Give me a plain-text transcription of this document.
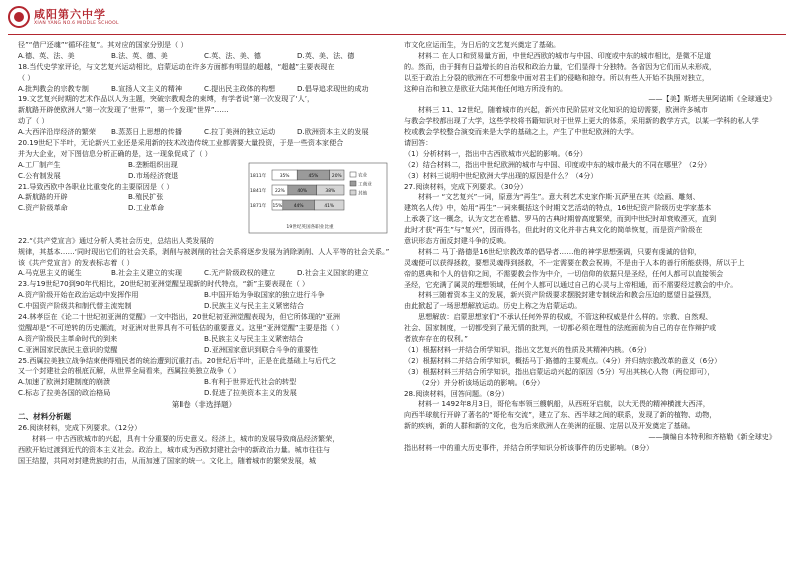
咸阳第六中学
XIAN YANG NO.6 MIDDLE SCHOOL
径”“借尸还魂”“循环往复”。其对应的国家分别是（ ）
A.德、英、法、美	B.法、英、德、美	C.英、法、美、德	D.英、美、法、德
18.当代史学家评论，与文艺复兴运动相比，启蒙运动在许多方面都有明显的超越，“超越”主要表现在
（ ）
A.批判教会的宗教专制	B.宣扬人文主义的精神	C.提出民主政体的构想	D.倡导追求现世的成功
19.文艺复兴时期的艺术作品以人为主题，突破宗教观念的束缚，有学者说“第一次发现了‘人’，
新航路开辟使欧洲人“第一次发现了‘世界’”，第一个发现“世界”……
动了（ ）
A.大西洋沿岸经济的繁荣	B.蒸蒸日上思想的传播	C.拉丁美洲的独立运动	D.欧洲资本主义的发展
20.19世纪下半叶，无论新兴工业还是采用新的技术改造传统工业都需要大量投资，于是一些资本家便合
并为大企业，对下图信息分析正确的是，这一现象促成了（ ）
A.工厂制产生	B.垄断组织出现
C.公有制发展	D.市场经济衰退
21.导致西欧中各职业比重变化的主要原因是（ ）
A.新航路的开辟	B.殖民扩张
C.资产阶级革命	D.工业革命
1811年	35%	45%	20%
1841年 22%	40%	38%
1871年 15%	44%	41%
农业
工商业
其他
19世纪英国各职业比重
22.“《共产党宣言》通过分析人类社会历史，总结出人类发展的
规律，其基本……‘同时现出它们的社会关系，剥削与被剥削的社会关系将逐步发展为消除剥削、人人平等的社会关系。”
该《共产党宣言》的发表标志着（ ）
A.马克思主义的诞生	B.社会主义建立的实现	C.无产阶级政权的建立	D.社会主义国家的建立
23.与19世纪70到90年代相比，20世纪初亚洲觉醒呈现新的时代特点，“新”主要表现在（ ）
A.资产阶级开始在政治运动中发挥作用	B.中国开始为争取国家的独立进行斗争
C.中国资产阶级共和制代替主流宪制	D.民族主义与民主主义紧密结合
24.林孝臣在《论二十世纪初亚洲的觉醒》一文中指出，20世纪初亚洲觉醒表现为，但它所体现的“亚洲
觉醒却是“不可逆转的历史潮流，对亚洲对世界具有不可低估的重要意义。这里“亚洲觉醒”主要是指（ ）
A.资产阶级民主革命时代的到来	B.民族主义与民主主义紧密结合
C.亚洲国家民族民主意识的觉醒	D.亚洲国家意识到联合斗争的重要性
25.西属拉美独立战争结束使得殖民者的统治遭到沉重打击。20世纪后半叶，正是在此基础上与后代之
又一个封建社会的根底瓦解，从世界全局看来，西属拉美独立战争（ ）
A.加速了欧洲封建制度的崩溃	B.有利于世界近代社会的转型
C.标志了拉美各国的政治格局	D.促进了拉美资本主义的发展
第Ⅱ卷（非选择题）
二、材料分析题
26.阅读材料，完成下列要求。（12分）
材料一 中古西欧城市的兴起，具有十分重要的历史意义。经济上，城市的发展导致商品经济繁荣，
西欧开始过渡到近代的资本主义社会。政治上，城市成为西欧封建社会中的新政治力量。城市往往与
国王结盟，共同对封建贵族的打击，从而加速了国家的统一。文化上，随着城市的繁荣发展，城
市文化应运而生，为日后的文艺复兴奠定了基础。
材料二 在人口和贸易量方面，中世纪西欧的城市与中国、印度或中东的城市相比，是微不足道
的。然而，由于拥有日益增长的自治权和政治力量，它们显得十分独特。各省因为它们而从未形成，
以至于政治上分裂的欧洲在不可想象中面对君主们的侵略和掠夺。所以有些人开始不执照对独立，
这种自治和独立是欧亚大陆其他任何地方所没有的。
——【美】斯塔夫里阿诺斯《全球通史》
材料三 11、12世纪，随着城市的兴起，新兴市民阶层对文化知识的迫切需要，欧洲许多城市
与教会学校都出现了大学，这些学校将书籍知识对于世界上更大的体系，采用新的教学方式，以某一学科的私人学
校或教会学校整合演变而来是大学的基础之上，产生了中世纪欧洲的大学。
请回答：
（1）分析材料一，指出中古西欧城市兴起的影响。（6分）
（2）结合材料二，指出中世纪欧洲的城市与中国、印度或中东的城市最大的不同在哪里？（2分）
（3）材料三说明中世纪欧洲大学出现的原因是什么？（4分）
27.阅读材料，完成下列要求。（30分）
材料一 “文艺复兴”一词，原意为“再生”。意大利艺术史家作斯·瓦萨里在其《绘画、雕刻、
建筑名人传》中，始用“再生”一词来概括这个时期文艺活动的特点，16世纪资产阶级历史学家基本
上承袭了这一概念，认为文艺在希腊、罗马的古典时期曾高度繁荣，而到中世纪时却衰败湮灭，直到
此时才获“再生”与“复兴”，因而得名，但此时的文化并非古典文化的简单恢复，而是资产阶级在
意识形态方面反封建斗争的反映。
材料二 马丁·路德是16世纪宗教改革的倡导者……他的神学思想强调，只要有虔诚的信仰，
灵魂便可以获得拯救，要想灵魂得到拯救，不一定需要在教会祝祷，不是由于人本的善行所能获得，所以于上
帝的恩典和个人的信仰之间，不需要教会作为中介，一切信仰的依据只是圣经，任何人都可以直接领会
圣经，它充满了属灵的理想领域，任何个人都可以通过自己的心灵与上帝相通，而不需要经过教会的中介。
材料三随着资本主义的发展，新兴资产阶级要求摆脱封建专制统治和教会压迫的愿望日益强烈，
由此掀起了一场思想解放运动。历史上称之为启蒙运动。
思想解放：启蒙思想家们“不承认任何外界的权威，不管这种权威是什么样的。宗教、自然观、
社会、国家制度，一切都受到了最无情的批判，一切都必须在理性的法庭面前为自己的存在作辩护或
者放弃存在的权利。”
（1）根据材料一并结合所学知识，指出文艺复兴的性质及其精神内核。（6分）
（2）根据材料二并结合所学知识，概括马丁·路德的主要观点。（4分）并归纳宗教改革的意义（6分）
（3）根据材料三并结合所学知识，指出启蒙运动兴起的原因（5分）写出其核心人物（两位即可），
（2分）并分析该场运动的影响。（6分）
28.阅读材料，回答问题。（8分）
材料一 1492年8月3日，哥伦布率领三艘帆船，从西班牙启航，以大无畏的精神横渡大西洋，
向西半球航行开辟了著名的“哥伦布交流”，建立了东、西半球之间的联系，发现了新的植物、动物，
新的疾病，新的人群和新的文化，也为后来欧洲人在美洲的征服、定居以及开发奠定了基础。
——摘编自本特利和齐格勒《新全球史》
指出材料一中的重大历史事件，并结合所学知识分析该事件的历史影响。（8分）
